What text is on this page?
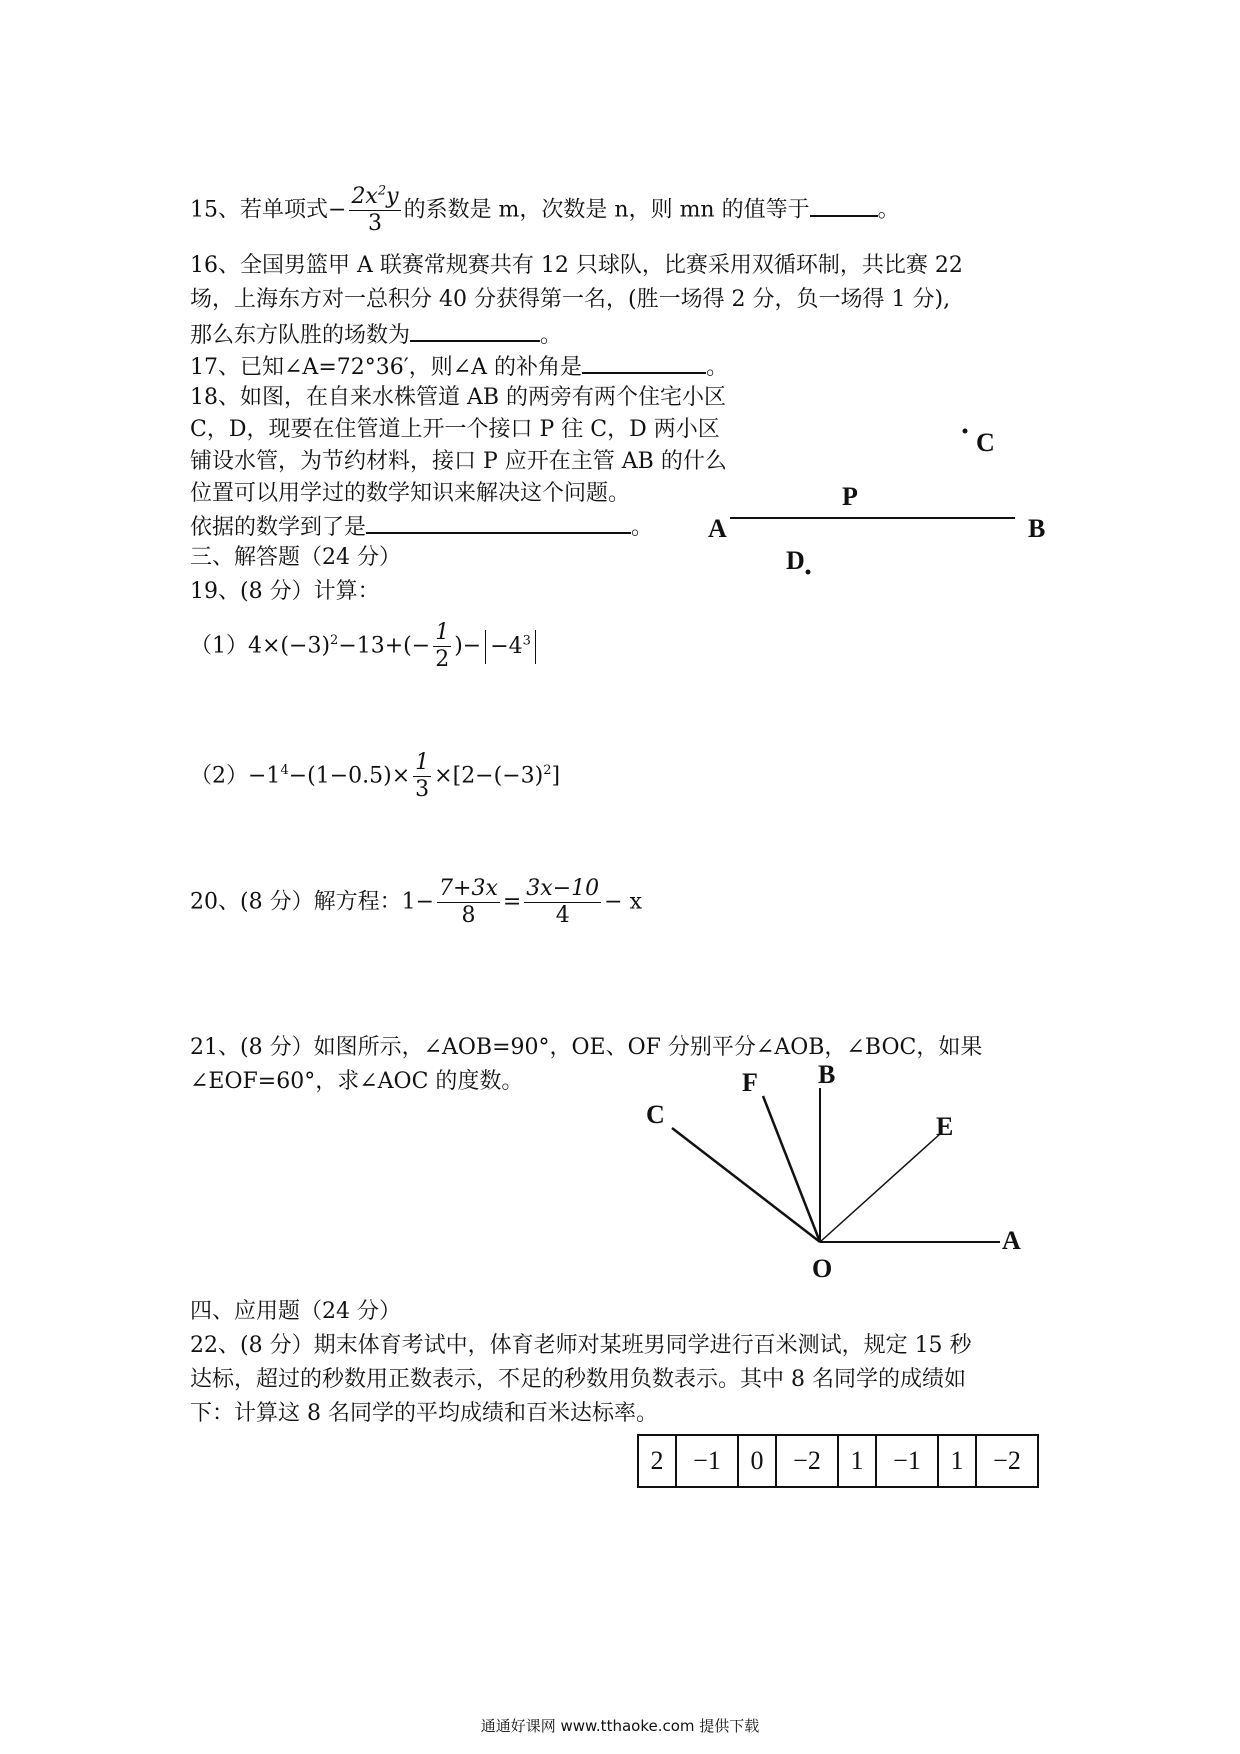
15、若单项式− $\frac{2x^2y}{3}$ 的系数是 m，次数是 n，则 mn 的值等于	。
16、全国男篮甲 A 联赛常规赛共有 12 只球队，比赛采用双循环制，共比赛 22
场，上海东方对一总积分 40 分获得第一名，(胜一场得 2 分，负一场得 1 分),
那么东方队胜的场数为	。
17、已知∠A=72°36′，则∠A 的补角是	。
18、如图，在自来水株管道 AB 的两旁有两个住宅小区
C，D，现要在住管道上开一个接口 P 往 C，D 两小区
铺设水管，为节约材料，接口 P 应开在主管 AB 的什么
位置可以用学过的数学知识来解决这个问题。
依据的数学到了是	。
C
P
A	B
D
三、解答题（24 分）
19、(8 分）计算：
$(1)4\times(-3)^2-13+(- \frac{1}{2}$ )− $-4^3$
$(2)-1^4-(1-0.5)\times \frac{1}{3} \times[2-(-3)^2]$
20、(8 分）解方程：$1- \frac{7+3x}{8} = \frac{3x-10}{4} - x$
21、(8 分）如图所示，∠AOB=90°，OE、OF 分别平分∠AOB，∠BOC，如果
∠EOF=60°，求∠AOC 的度数。
O
A
B
F
C	E
四、应用题（24 分）
22、(8 分）期末体育考试中，体育老师对某班男同学进行百米测试，规定 15 秒
达标，超过的秒数用正数表示，不足的秒数用负数表示。其中 8 名同学的成绩如
下：计算这 8 名同学的平均成绩和百米达标率。
2	−1	0	−2	1	−1	1	−2
通通好课网 www.tthaoke.com 提供下载
